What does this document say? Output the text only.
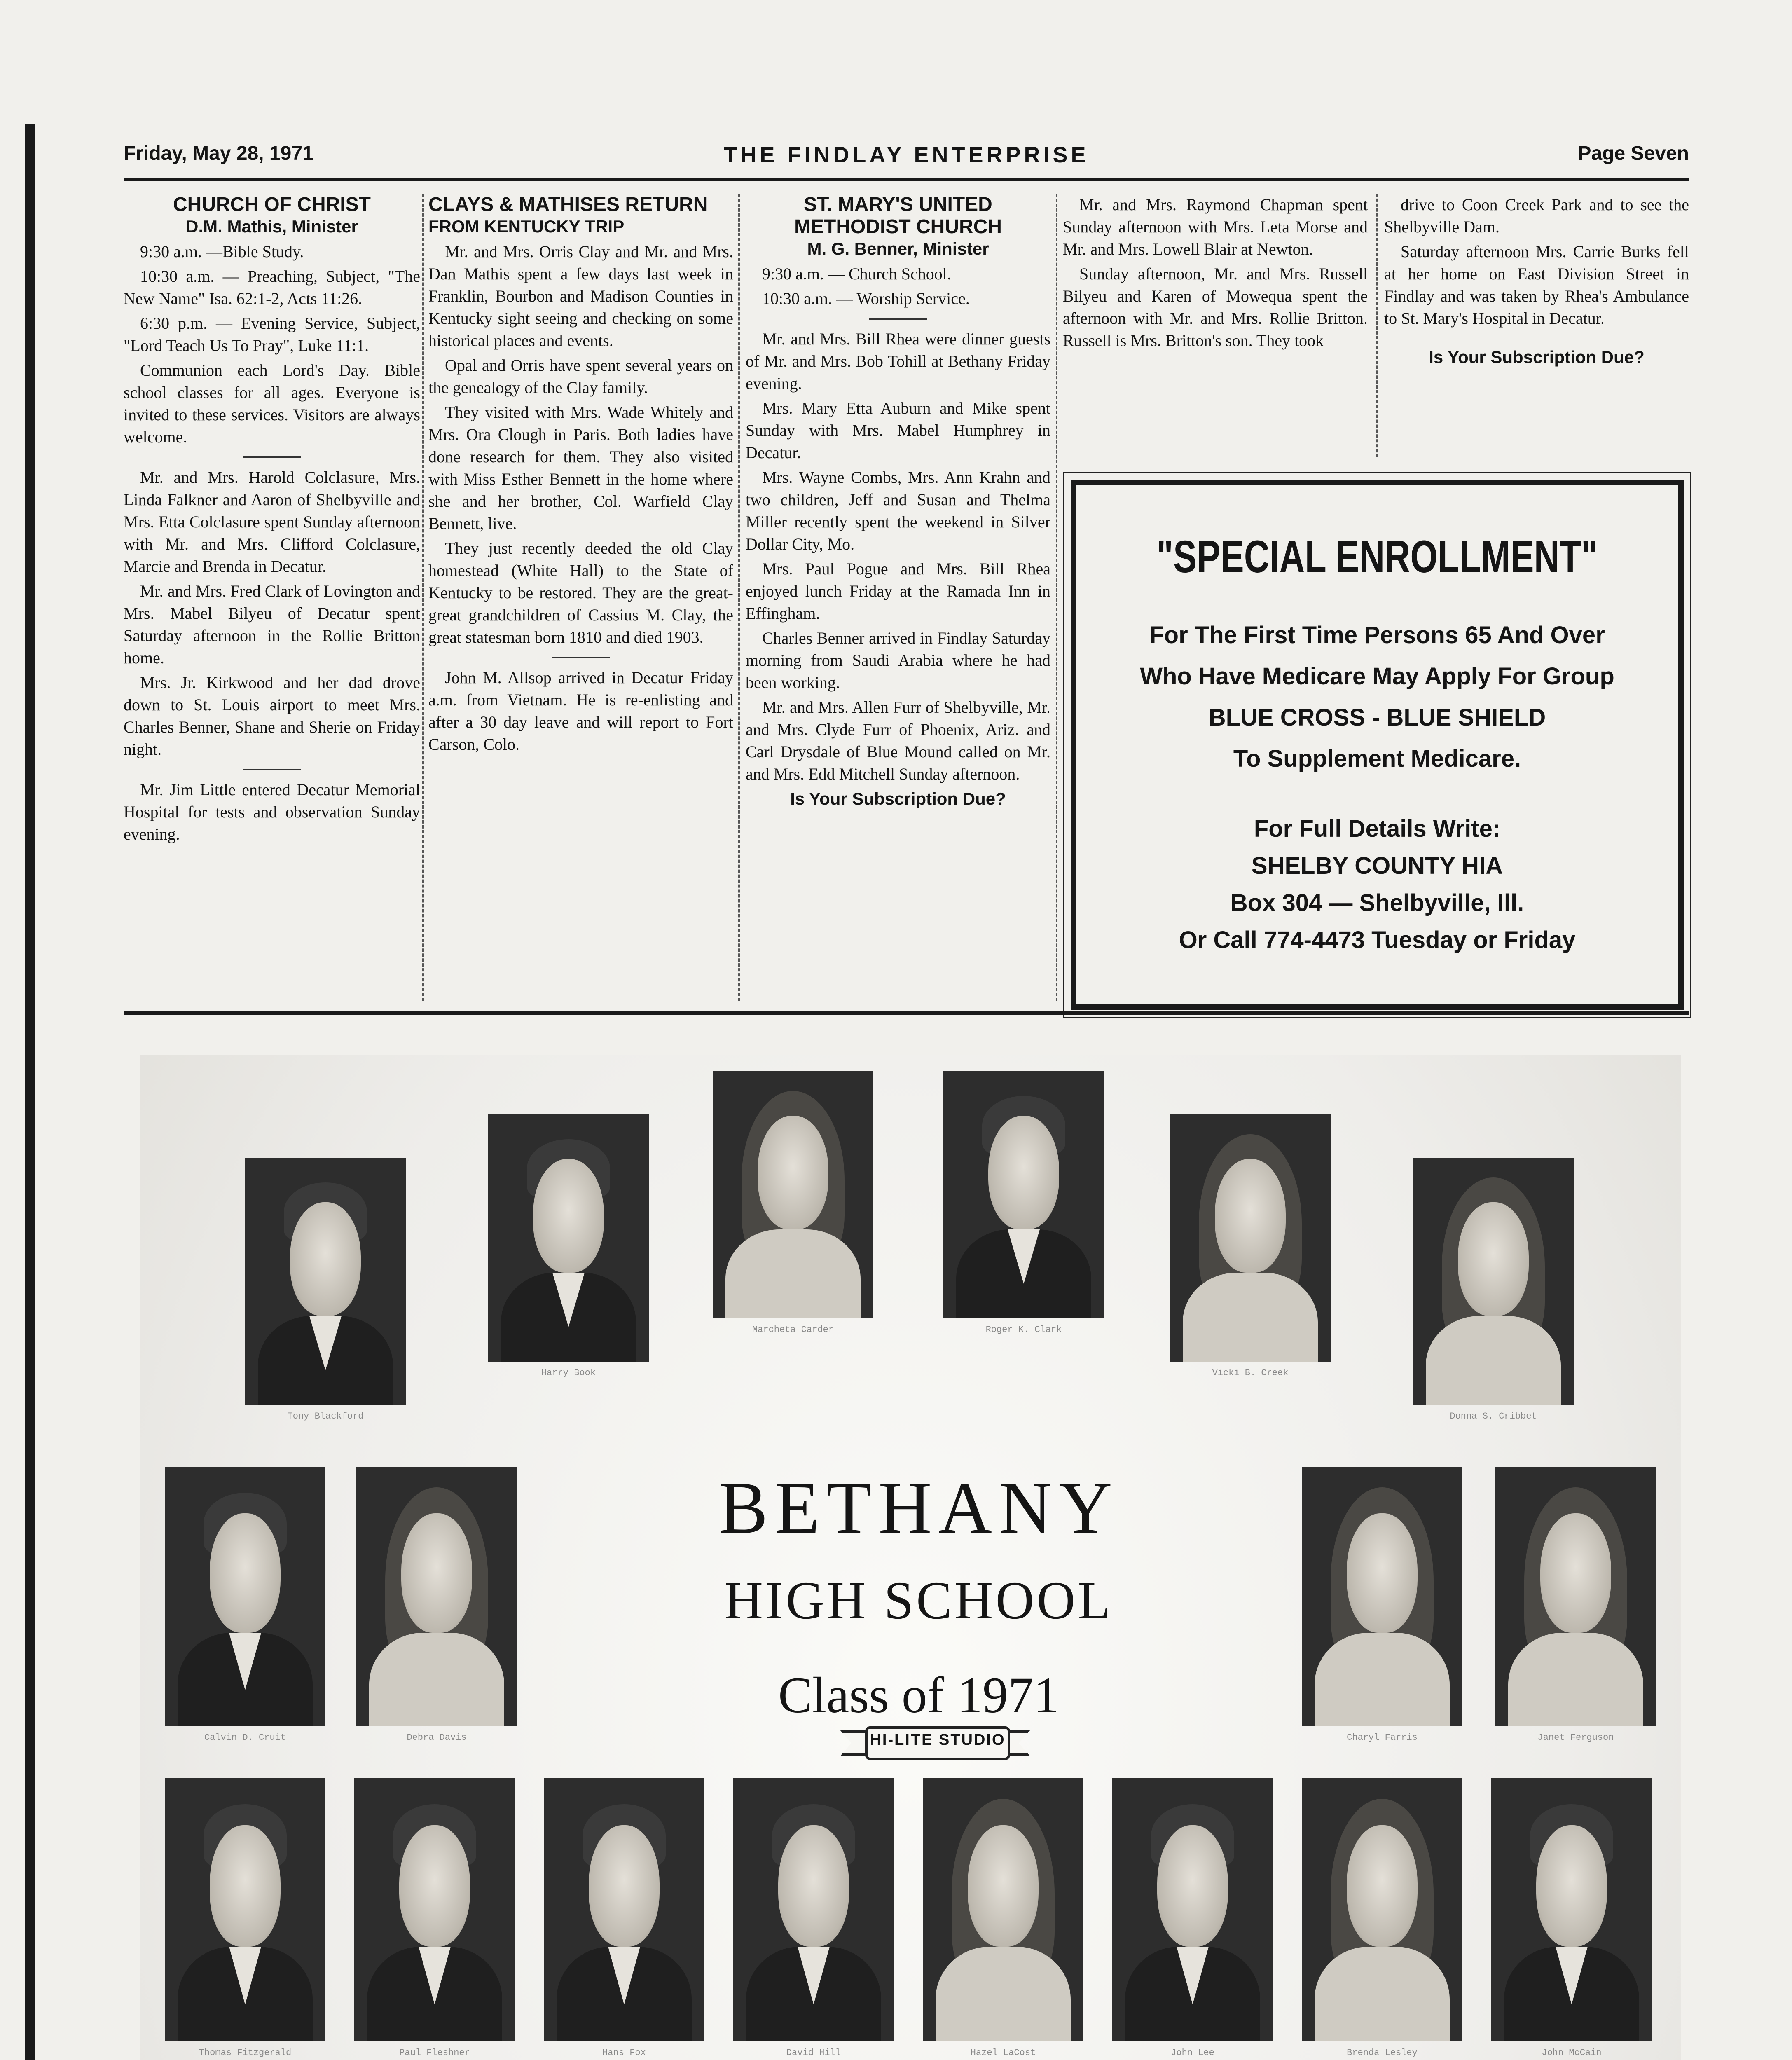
Friday, May 28, 1971	THE FINDLAY ENTERPRISE	Page Seven

CHURCH OF CHRIST

D.M. Mathis, Minister

9:30 a.m. —Bible Study.

10:30 a.m. — Preaching, Subject, "The New Name" Isa. 62:1-2, Acts 11:26.

6:30 p.m. — Evening Service, Subject, "Lord Teach Us To Pray", Luke 11:1.

Communion each Lord's Day. Bible school classes for all ages. Everyone is invited to these services. Visitors are always welcome.

Mr. and Mrs. Harold Colclasure, Mrs. Linda Falkner and Aaron of Shelbyville and Mrs. Etta Colclasure spent Sunday afternoon with Mr. and Mrs. Clifford Colclasure, Marcie and Brenda in Decatur.

Mr. and Mrs. Fred Clark of Lovington and Mrs. Mabel Bilyeu of Decatur spent Saturday afternoon in the Rollie Britton home.

Mrs. Jr. Kirkwood and her dad drove down to St. Louis airport to meet Mrs. Charles Benner, Shane and Sherie on Friday night.

Mr. Jim Little entered Decatur Memorial Hospital for tests and observation Sunday evening.

CLAYS & MATHISES RETURN

FROM KENTUCKY TRIP

Mr. and Mrs. Orris Clay and Mr. and Mrs. Dan Mathis spent a few days last week in Franklin, Bourbon and Madison Counties in Kentucky sight seeing and checking on some historical places and events.

Opal and Orris have spent several years on the genealogy of the Clay family.

They visited with Mrs. Wade Whitely and Mrs. Ora Clough in Paris. Both ladies have done research for them. They also visited with Miss Esther Bennett in the home where she and her brother, Col. Warfield Clay Bennett, live.

They just recently deeded the old Clay homestead (White Hall) to the State of Kentucky to be restored. They are the great-great grandchildren of Cassius M. Clay, the great statesman born 1810 and died 1903.

John M. Allsop arrived in Decatur Friday a.m. from Vietnam. He is re-enlisting and after a 30 day leave and will report to Fort Carson, Colo.

ST. MARY'S UNITED

METHODIST CHURCH

M. G. Benner, Minister

9:30 a.m. — Church School.

10:30 a.m. — Worship Service.

Mr. and Mrs. Bill Rhea were dinner guests of Mr. and Mrs. Bob Tohill at Bethany Friday evening.

Mrs. Mary Etta Auburn and Mike spent Sunday with Mrs. Mabel Humphrey in Decatur.

Mrs. Wayne Combs, Mrs. Ann Krahn and two children, Jeff and Susan and Thelma Miller recently spent the weekend in Silver Dollar City, Mo.

Mrs. Paul Pogue and Mrs. Bill Rhea enjoyed lunch Friday at the Ramada Inn in Effingham.

Charles Benner arrived in Findlay Saturday morning from Saudi Arabia where he had been working.

Mr. and Mrs. Allen Furr of Shelbyville, Mr. and Mrs. Clyde Furr of Phoenix, Ariz. and Carl Drysdale of Blue Mound called on Mr. and Mrs. Edd Mitchell Sunday afternoon.

Is Your Subscription Due?

Mr. and Mrs. Raymond Chapman spent Sunday afternoon with Mrs. Leta Morse and Mr. and Mrs. Lowell Blair at Newton.

Sunday afternoon, Mr. and Mrs. Russell Bilyeu and Karen of Mowequa spent the afternoon with Mr. and Mrs. Rollie Britton. Russell is Mrs. Britton's son. They took

drive to Coon Creek Park and to see the Shelbyville Dam.

Saturday afternoon Mrs. Carrie Burks fell at her home on East Division Street in Findlay and was taken by Rhea's Ambulance to St. Mary's Hospital in Decatur.

Is Your Subscription Due?

"SPECIAL ENROLLMENT"
For The First Time Persons 65 And Over
Who Have Medicare May Apply For Group
BLUE CROSS - BLUE SHIELD
To Supplement Medicare.
For Full Details Write:
SHELBY COUNTY HIA
Box 304 — Shelbyville, Ill.
Or Call 774-4473 Tuesday or Friday
BETHANY
HIGH SCHOOL
Class of 1971
HI-LITE STUDIO
Tony Blackford
Harry Book
Marcheta Carder	Roger K. Clark
Vicki B. Creek
Donna S. Cribbet
Calvin D. Cruit	Debra Davis	Charyl Farris	Janet Ferguson
Thomas Fitzgerald	Paul Fleshner	Hans Fox	David Hill	Hazel LaCost	John Lee	Brenda Lesley	John McCain
